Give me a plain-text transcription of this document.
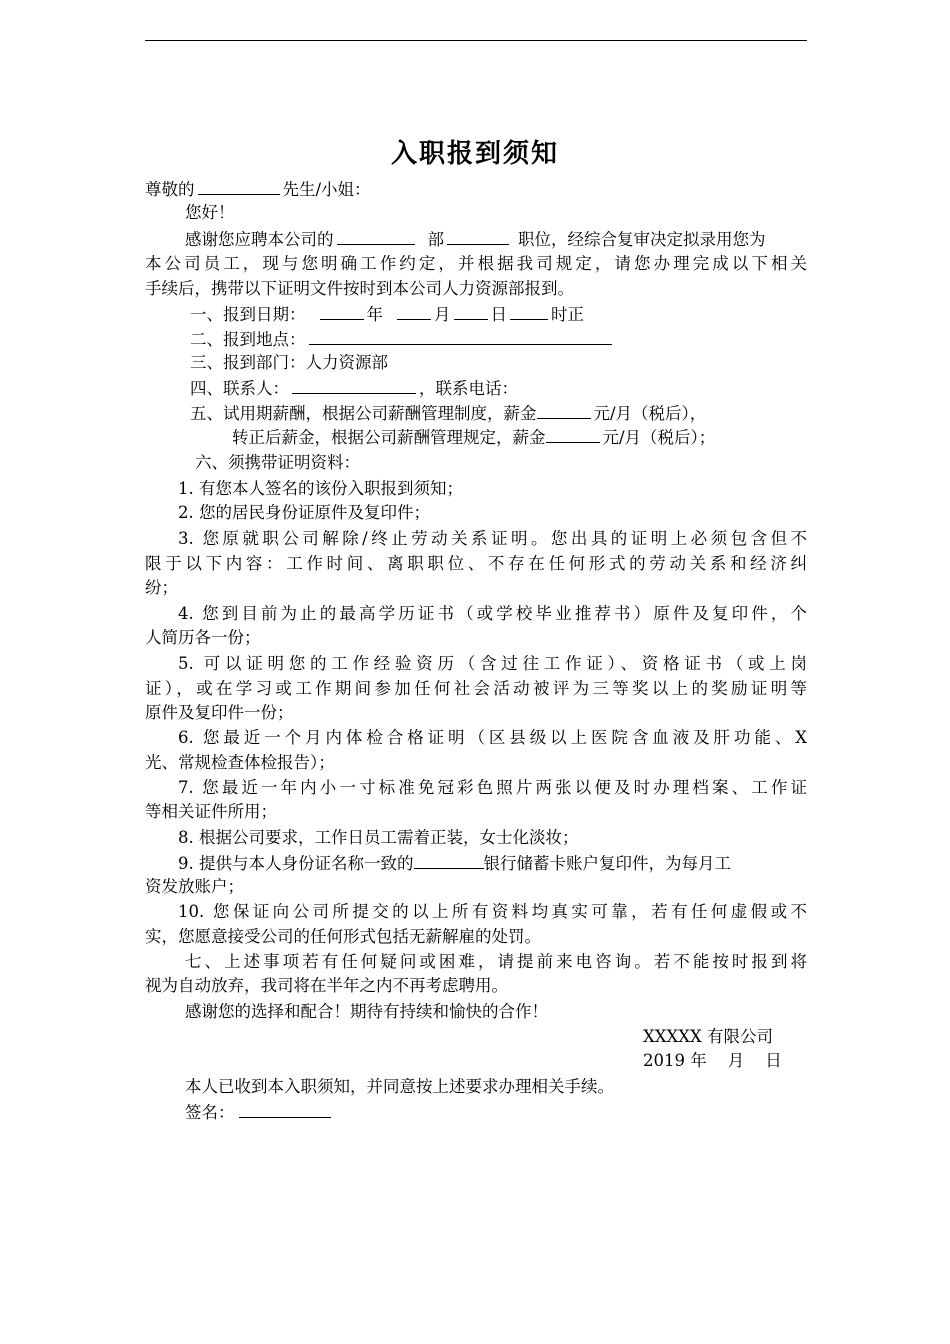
入职报到须知
尊敬的	先生/小姐：
您好！
感谢您应聘本公司的	部	职位，经综合复审决定拟录用您为
本公司员工，现与您明确工作约定，并根据我司规定，请您办理完成以下相关
手续后，携带以下证明文件按时到本公司人力资源部报到。
一、报到日期：	年	月 日	时正
二、报到地点：
三、报到部门：人力资源部
四、联系人：	，联系电话：
五、试用期薪酬，根据公司薪酬管理制度，薪金	元/月（税后），
转正后薪金，根据公司薪酬管理规定，薪金	元/月（税后）；
六、须携带证明资料：
1. 有您本人签名的该份入职报到须知；
2. 您的居民身份证原件及复印件；
3. 您原就职公司解除/终止劳动关系证明。您出具的证明上必须包含但不
限于以下内容：工作时间、离职职位、不存在任何形式的劳动关系和经济纠
纷；
4. 您到目前为止的最高学历证书（或学校毕业推荐书）原件及复印件，个
人简历各一份；
5. 可以证明您的工作经验资历（含过往工作证）、资格证书（或上岗
证），或在学习或工作期间参加任何社会活动被评为三等奖以上的奖励证明等
原件及复印件一份；
6. 您最近一个月内体检合格证明（区县级以上医院含血液及肝功能、X
光、常规检查体检报告）；
7. 您最近一年内小一寸标准免冠彩色照片两张以便及时办理档案、工作证
等相关证件所用；
8. 根据公司要求，工作日员工需着正装，女士化淡妆；
9. 提供与本人身份证名称一致的	银行储蓄卡账户复印件，为每月工
资发放账户；
10. 您保证向公司所提交的以上所有资料均真实可靠，若有任何虚假或不
实，您愿意接受公司的任何形式包括无薪解雇的处罚。
七、上述事项若有任何疑问或困难，请提前来电咨询。若不能按时报到将
视为自动放弃，我司将在半年之内不再考虑聘用。
感谢您的选择和配合！期待有持续和愉快的合作！
XXXXX 有限公司
2019 年    月    日
本人已收到本入职须知，并同意按上述要求办理相关手续。
签名：
